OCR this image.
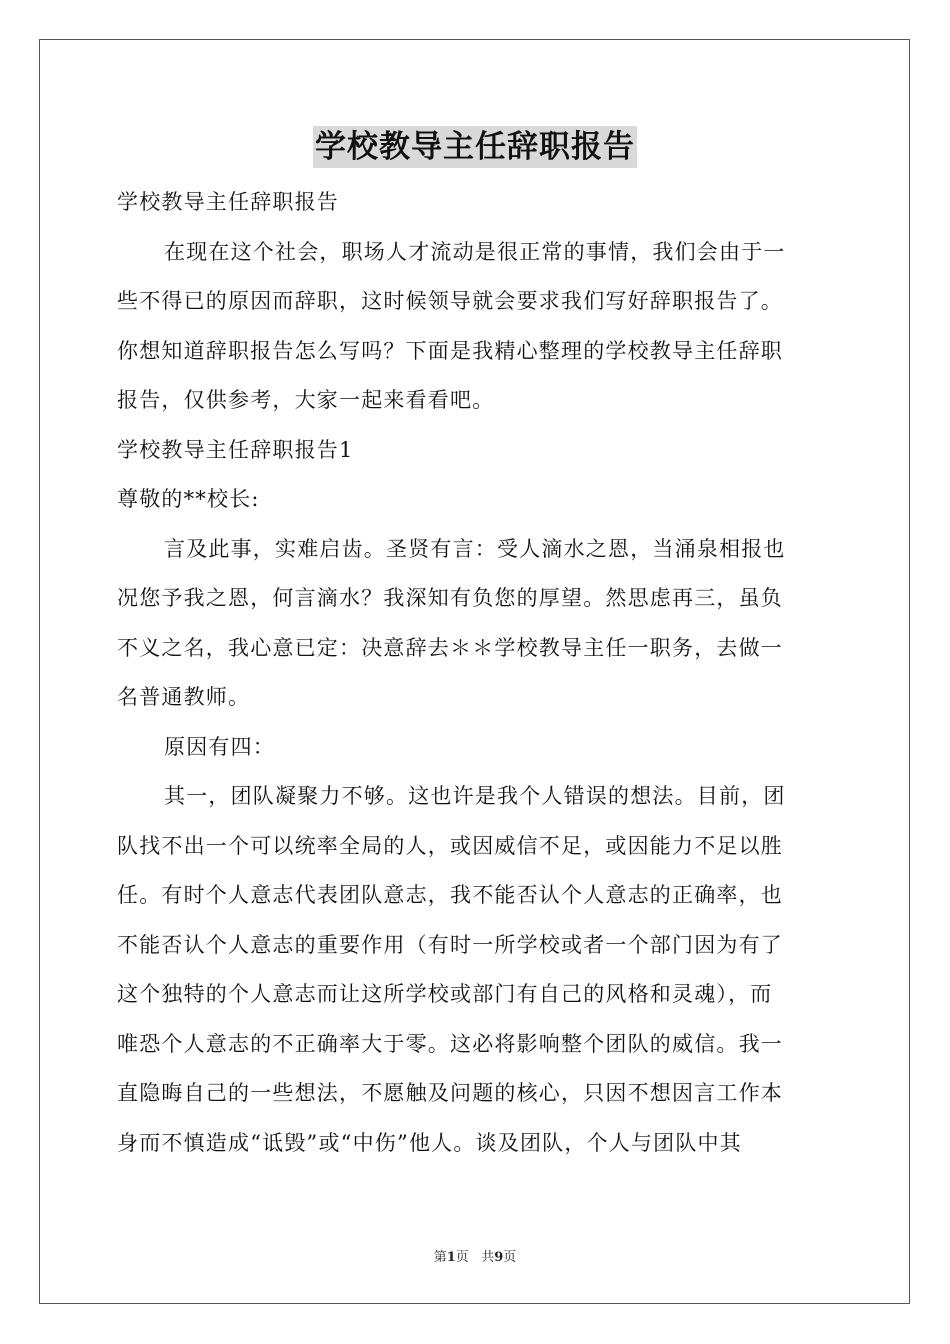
学校教导主任辞职报告
学校教导主任辞职报告
在现在这个社会，职场人才流动是很正常的事情，我们会由于一
些不得已的原因而辞职，这时候领导就会要求我们写好辞职报告了。
你想知道辞职报告怎么写吗？下面是我精心整理的学校教导主任辞职
报告，仅供参考，大家一起来看看吧。
学校教导主任辞职报告1
尊敬的**校长:
言及此事，实难启齿。圣贤有言：受人滴水之恩，当涌泉相报也
况您予我之恩，何言滴水？我深知有负您的厚望。然思虑再三，虽负
不义之名，我心意已定：决意辞去＊＊学校教导主任一职务，去做一
名普通教师。
原因有四：
其一，团队凝聚力不够。这也许是我个人错误的想法。目前，团
队找不出一个可以统率全局的人，或因威信不足，或因能力不足以胜
任。有时个人意志代表团队意志，我不能否认个人意志的正确率，也
不能否认个人意志的重要作用（有时一所学校或者一个部门因为有了
这个独特的个人意志而让这所学校或部门有自己的风格和灵魂），而
唯恐个人意志的不正确率大于零。这必将影响整个团队的威信。我一
直隐晦自己的一些想法，不愿触及问题的核心，只因不想因言工作本
身而不慎造成“诋毁”或“中伤”他人。谈及团队，个人与团队中其
第1页 共9页
